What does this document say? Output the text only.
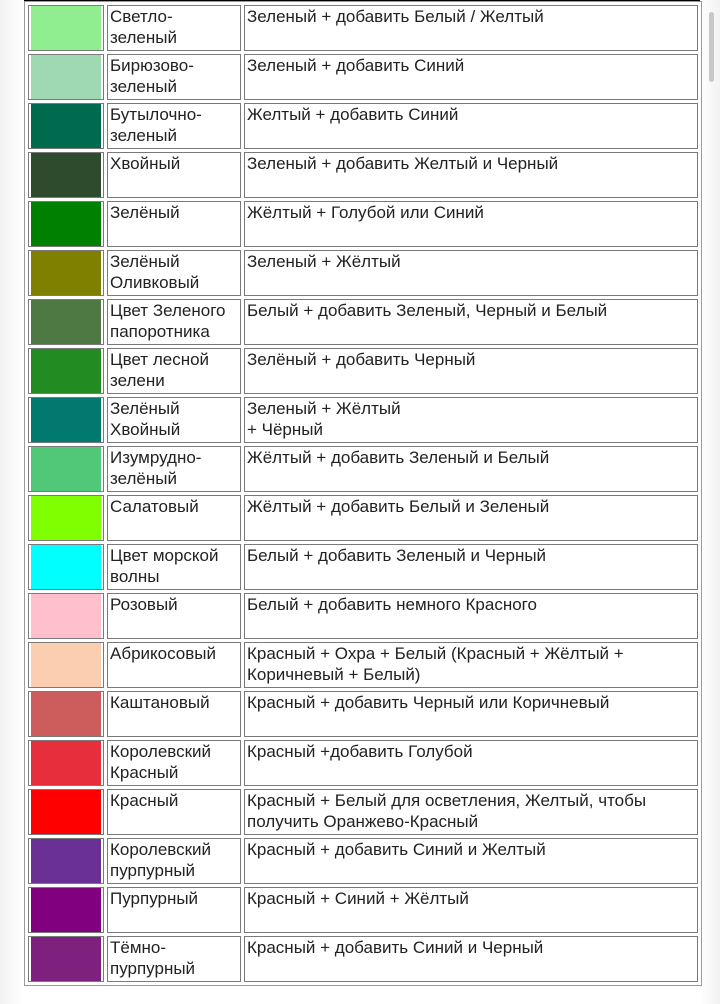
	Светло-
зеленый	Зеленый + добавить Белый / Желтый

	Бирюзово-
зеленый	Зеленый + добавить Синий

	Бутылочно-
зеленый	Желтый + добавить Синий

	Хвойный	Зеленый + добавить Желтый и Черный

	Зелёный	Жёлтый + Голубой или Синий

	Зелёный
Оливковый	Зеленый + Жёлтый

	Цвет Зеленого
папоротника	Белый + добавить Зеленый, Черный и Белый

	Цвет лесной
зелени	Зелёный + добавить Черный

	Зелёный
Хвойный	Зеленый + Жёлтый
+ Чёрный

	Изумрудно-
зелёный	Жёлтый + добавить Зеленый и Белый

	Салатовый	Жёлтый + добавить Белый и Зеленый

	Цвет морской
волны	Белый + добавить Зеленый и Черный

	Розовый	Белый + добавить немного Красного

	Абрикосовый	Красный + Охра + Белый (Красный + Жёлтый +
Коричневый + Белый)

	Каштановый	Красный + добавить Черный или Коричневый

	Королевский
Красный	Красный +добавить Голубой

	Красный	Красный + Белый для осветления, Желтый, чтобы
получить Оранжево-Красный

	Королевский
пурпурный	Красный + добавить Синий и Желтый

	Пурпурный	Красный + Синий + Жёлтый

	Тёмно-
пурпурный	Красный + добавить Синий и Черный
